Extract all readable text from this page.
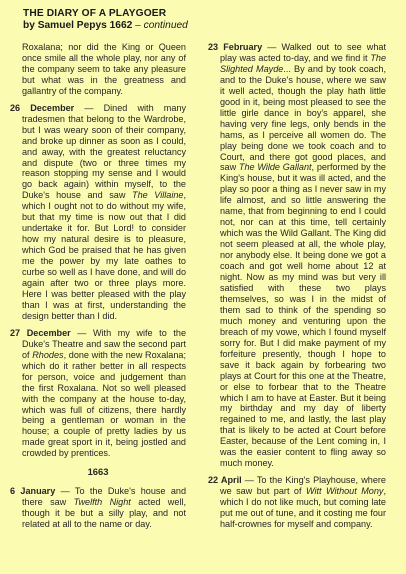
THE DIARY OF A PLAYGOER
by Samuel Pepys 1662 – continued

Roxalana; nor did the King or Queen once smile all the whole play, nor any of the company seem to take any pleasure but what was in the greatness and gallantry of the company.

26 December — Dined with many tradesmen that belong to the Wardrobe, but I was weary soon of their company, and broke up dinner as soon as I could, and away, with the greatest reluctancy and dispute (two or three times my reason stopping my sense and I would go back again) within myself, to the Duke's house and saw The Villaine, which I ought not to do without my wife, but that my time is now out that I did undertake it for. But Lord! to consider how my natural desire is to pleasure, which God be praised that he has given me the power by my late oathes to curbe so well as I have done, and will do again after two or three plays more. Here I was better pleased with the play than I was at first, understanding the design better than I did.

27 December — With my wife to the Duke's Theatre and saw the second part of Rhodes, done with the new Roxalana; which do it rather better in all respects for person, voice and judgement than the first Roxalana. Not so well pleased with the company at the house to-day, which was full of citizens, there hardly being a gentleman or woman in the house; a couple of pretty ladies by us made great sport in it, being jostled and crowded by prentices.

1663

6 January — To the Duke's house and there saw Twelfth Night acted well, though it be but a silly play, and not related at all to the name or day.

23 February — Walked out to see what play was acted to-day, and we find it The Slighted Mayde... By and by took coach, and to the Duke's house, where we saw it well acted, though the play hath little good in it, being most pleased to see the little girle dance in boy's apparel, she having very fine legs, only bends in the hams, as I perceive all women do. The play being done we took coach and to Court, and there got good places, and saw The Wilde Gallant, performed by the King's house, but it was ill acted, and the play so poor a thing as I never saw in my life almost, and so little answering the name, that from beginning to end I could not, nor can at this time, tell certainly which was the Wild Gallant. The King did not seem pleased at all, the whole play, nor anybody else. It being done we got a coach and got well home about 12 at night. Now as my mind was but very ill satisfied with these two plays themselves, so was I in the midst of them sad to think of the spending so much money and venturing upon the breach of my vowe, which I found myself sorry for. But I did make payment of my forfeiture presently, though I hope to save it back again by forbearing two plays at Court for this one at the Theatre, or else to forbear that to the Theatre which I am to have at Easter. But it being my birthday and my day of liberty regained to me, and lastly, the last play that is likely to be acted at Court before Easter, because of the Lent coming in, I was the easier content to fling away so much money.

22 April — To the King's Playhouse, where we saw but part of Witt Without Mony, which I do not like much, but coming late put me out of tune, and it costing me four half-crownes for myself and company.
